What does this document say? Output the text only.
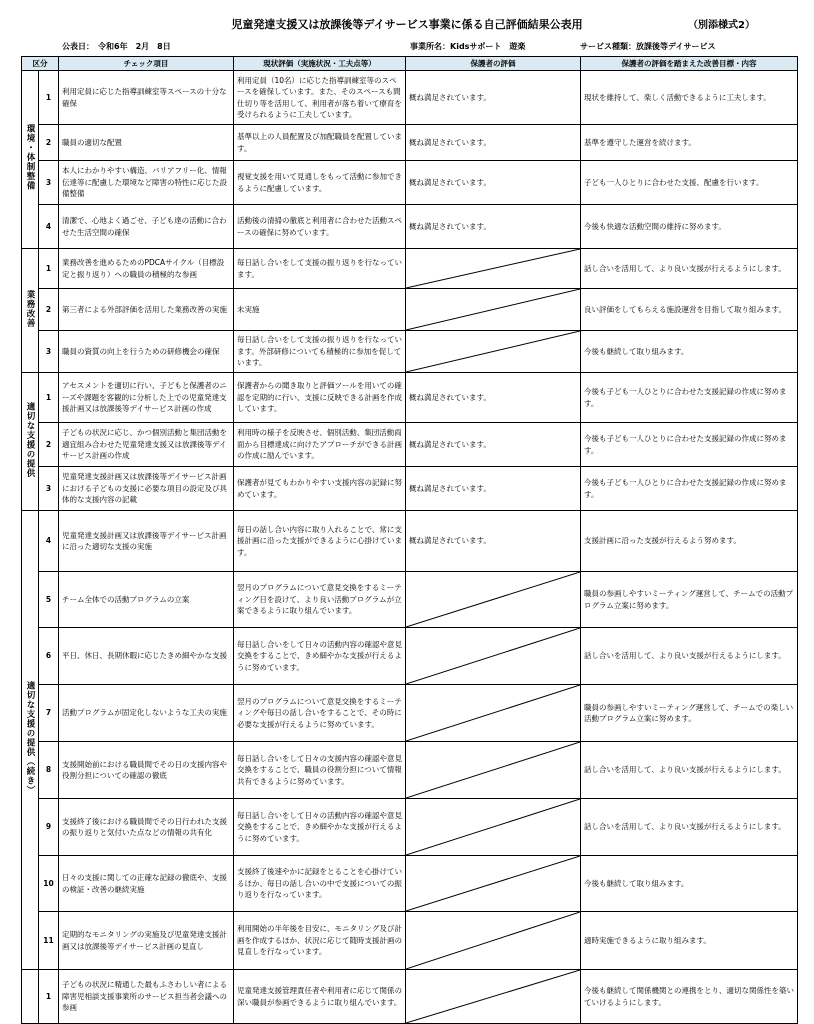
児童発達支援又は放課後等デイサービス事業に係る自己評価結果公表用	（別添様式2）
公表日：　令和6年　2月　8日	事業所名：Kidsサポート　遊楽	サービス種類：放課後等デイサービス
区分		チェック項目	現状評価（実施状況・工夫点等）	保護者の評価	保護者の評価を踏まえた改善目標・内容
環境・体制整備	1	利用定員に応じた指導訓練室等スペースの十分な確保	利用定員（10名）に応じた指導訓練室等のスペースを確保しています。また、そのスペースも間仕切り等を活用して、利用者が落ち着いて療育を受けられるように工夫しています。	概ね満足されています。	現状を維持して、楽しく活動できるように工夫します。
	2	職員の適切な配置	基準以上の人員配置及び加配職員を配置しています。	概ね満足されています。	基準を遵守した運営を続けます。
	3	本人にわかりやすい構造、バリアフリー化、情報伝達等に配慮した環境など障害の特性に応じた設備整備	視覚支援を用いて見通しをもって活動に参加できるように配慮しています。	概ね満足されています。	子ども一人ひとりに合わせた支援、配慮を行います。
	4	清潔で、心地よく過ごせ、子ども達の活動に合わせた生活空間の確保	活動後の清掃の徹底と利用者に合わせた活動スペースの確保に努めています。	概ね満足されています。	今後も快適な活動空間の維持に努めます。
業務改善	1	業務改善を進めるためのPDCAサイクル（目標設定と振り返り）への職員の積極的な参画	毎日話し合いをして支援の振り返りを行なっています。		話し合いを活用して、より良い支援が行えるようにします。
	2	第三者による外部評価を活用した業務改善の実施	未実施		良い評価をしてもらえる施設運営を目指して取り組みます。
	3	職員の資質の向上を行うための研修機会の確保	毎日話し合いをして支援の振り返りを行なっています。外部研修についても積極的に参加を促しています。		今後も継続して取り組みます。
適切な支援の提供	1	アセスメントを適切に行い、子どもと保護者のニーズや課題を客観的に分析した上での児童発達支援計画又は放課後等デイサービス計画の作成	保護者からの聞き取りと評価ツールを用いての確認を定期的に行い、支援に反映できる計画を作成しています。	概ね満足されています。	今後も子ども一人ひとりに合わせた支援記録の作成に努めます。
	2	子どもの状況に応じ、かつ個別活動と集団活動を適宜組み合わせた児童発達支援又は放課後等デイサービス計画の作成	利用時の様子を反映させ、個別活動、集団活動両面から目標達成に向けたアプローチができる計画の作成に励んでいます。	概ね満足されています。	今後も子ども一人ひとりに合わせた支援記録の作成に努めます。
	3	児童発達支援計画又は放課後等デイサービス計画における子どもの支援に必要な項目の設定及び具体的な支援内容の記載	保護者が見てもわかりやすい支援内容の記録に努めています。	概ね満足されています。	今後も子ども一人ひとりに合わせた支援記録の作成に努めます。
適切な支援の提供（続き）	4	児童発達支援計画又は放課後等デイサービス計画に沿った適切な支援の実施	毎日の話し合い内容に取り入れることで、常に支援計画に沿った支援ができるように心掛けています。	概ね満足されています。	支援計画に沿った支援が行えるよう努めます。
	5	チーム全体での活動プログラムの立案	翌月のプログラムについて意見交換をするミーティング日を設けて、より良い活動プログラムが立案できるように取り組んでいます。		職員の参画しやすいミーティング運営して、チームでの活動プログラム立案に努めます。
	6	平日、休日、長期休暇に応じたきめ細やかな支援	毎日話し合いをして日々の活動内容の確認や意見交換をすることで、きめ細やかな支援が行えるように努めています。		話し合いを活用して、より良い支援が行えるようにします。
	7	活動プログラムが固定化しないような工夫の実施	翌月のプログラムについて意見交換をするミーティングや毎日の話し合いをすることで、その時に必要な支援が行えるように努めています。		職員の参画しやすいミーティング運営して、チームでの楽しい活動プログラム立案に努めます。
	8	支援開始前における職員間でその日の支援内容や役割分担についての確認の徹底	毎日話し合いをして日々の支援内容の確認や意見交換をすることで、職員の役割分担について情報共有できるように努めています。		話し合いを活用して、より良い支援が行えるようにします。
	9	支援終了後における職員間でその日行われた支援の振り返りと気付いた点などの情報の共有化	毎日話し合いをして日々の活動内容の確認や意見交換をすることで、きめ細やかな支援が行えるように努めています。		話し合いを活用して、より良い支援が行えるようにします。
	10	日々の支援に関しての正確な記録の徹底や、支援の検証・改善の継続実施	支援終了後速やかに記録をとることを心掛けているほか、毎日の話し合いの中で支援についての振り返りを行なっています。		今後も継続して取り組みます。
	11	定期的なモニタリングの実施及び児童発達支援計画又は放課後等デイサービス計画の見直し	利用開始の半年後を目安に、モニタリング及び計画を作成するほか、状況に応じて随時支援計画の見直しを行なっています。		適時実施できるように取り組みます。
	1	子どもの状況に精通した最もふさわしい者による障害児相談支援事業所のサービス担当者会議への参画	児童発達支援管理責任者や利用者に応じて関係の深い職員が参画できるように取り組んでいます。		今後も継続して関係機関との連携をとり、適切な関係性を築いていけるようにします。
